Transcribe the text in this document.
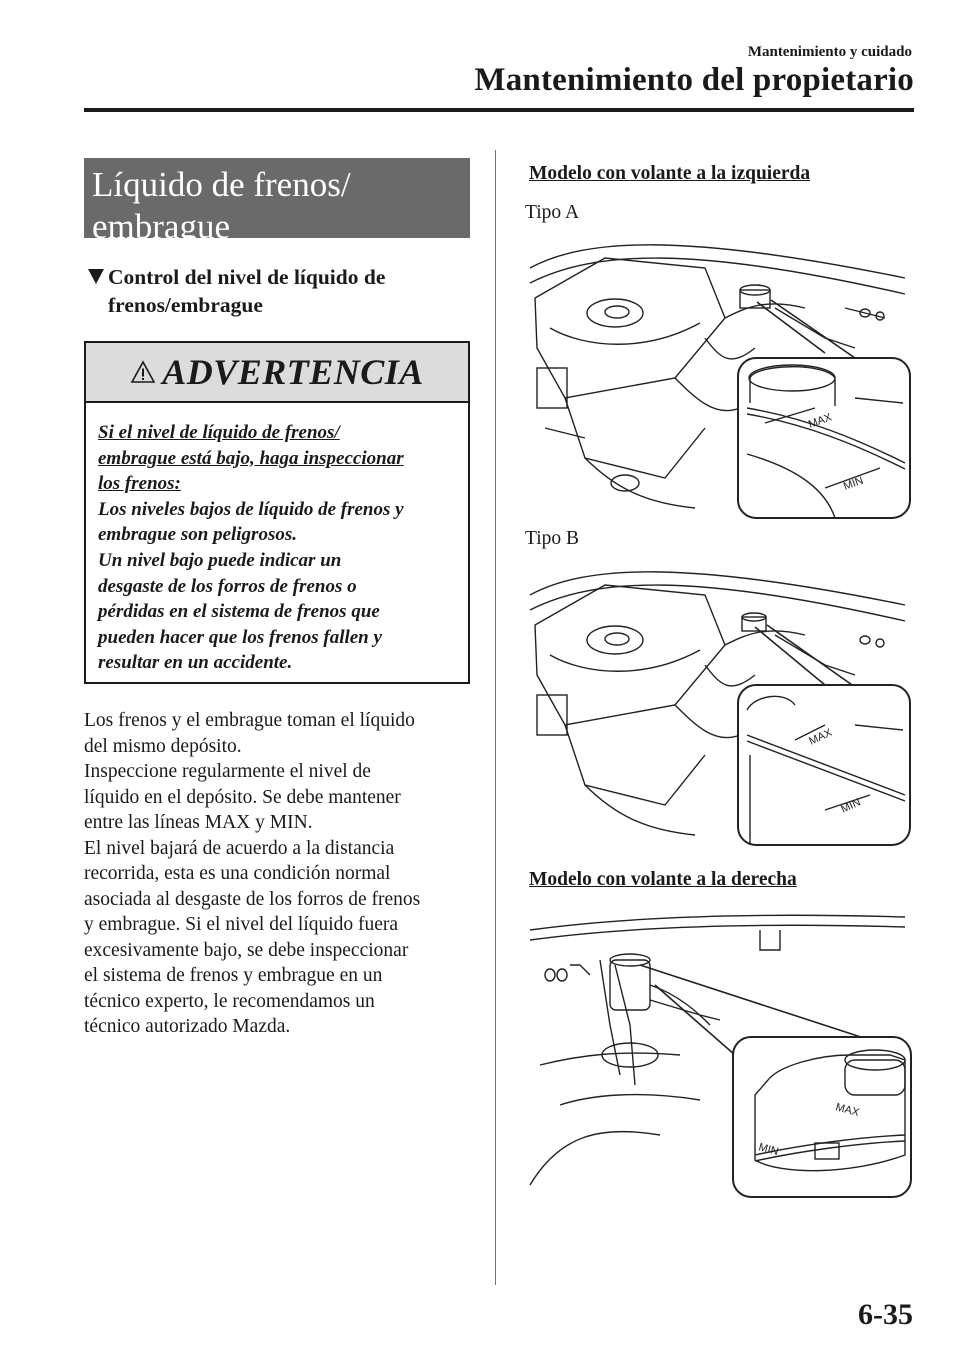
Mantenimiento y cuidado
Mantenimiento del propietario
Líquido de frenos/
embrague
Control del nivel de líquido de
frenos/embrague
ADVERTENCIA
Si el nivel de líquido de frenos/
embrague está bajo, haga inspeccionar
los frenos:
Los niveles bajos de líquido de frenos y
embrague son peligrosos.
Un nivel bajo puede indicar un
desgaste de los forros de frenos o
pérdidas en el sistema de frenos que
pueden hacer que los frenos fallen y
resultar en un accidente.
Los frenos y el embrague toman el líquido
del mismo depósito.
Inspeccione regularmente el nivel de
líquido en el depósito. Se debe mantener
entre las líneas MAX y MIN.
El nivel bajará de acuerdo a la distancia
recorrida, esta es una condición normal
asociada al desgaste de los forros de frenos
y embrague. Si el nivel del líquido fuera
excesivamente bajo, se debe inspeccionar
el sistema de frenos y embrague en un
técnico experto, le recomendamos un
técnico autorizado Mazda.
Modelo con volante a la izquierda
Tipo A
MAX
MIN
Tipo B
MAX
MIN
Modelo con volante a la derecha
MAX
MIN
6-35
